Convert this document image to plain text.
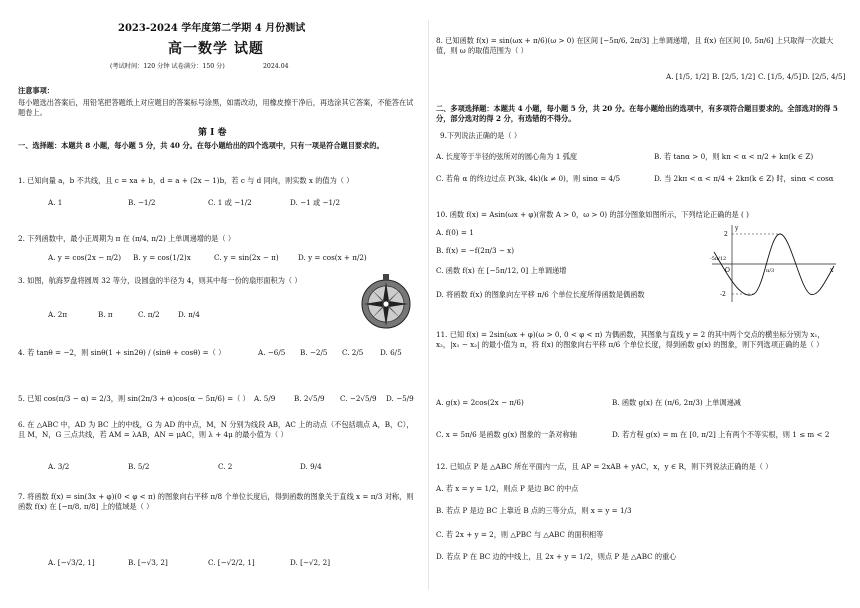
2023-2024 学年度第二学期 4 月份测试
高一数学 试题
(考试时间：120 分钟 试卷满分：150 分)	2024.04
注意事项：
每小题选出答案后，用铅笔把答题纸上对应题目的答案标号涂黑，如需改动，用橡皮擦干净后，再选涂其它答案，不能答在试题卷上。
第 I 卷
一、选择题：本题共 8 小题，每小题 5 分，共 40 分。在每小题给出的四个选项中，只有一项是符合题目要求的。
1. 已知向量 a，b 不共线，且 c = xa + b，d = a + (2x − 1)b，若 c 与 d 同向，则实数 x 的值为（ ）
A. 1	B. −1/2	C. 1 或 −1/2	D. −1 或 −1/2
2. 下列函数中，最小正周期为 π 在 (π/4, π/2) 上单调递增的是（ ）
A. y = cos(2x − π/2) B. y = cos(1/2)x	C. y = sin(2x − π)	D. y = cos(x + π/2)
3. 如图，航海罗盘将圆周 32 等分，设圆盘的半径为 4，则其中每一份的扇形面积为（ ）
A. 2π	B. π	C. π/2	D. π/4
4. 若 tanθ = −2，则 sinθ(1 + sin2θ) / (sinθ + cosθ) =（ ）	A. −6/5 B. −2/5 C. 2/5 D. 6/5
5. 已知 cos(π/3 − α) = 2/3，则 sin(2π/3 + α)cos(α − 5π/6) =（ ） A. 5/9	B. 2√5/9 C. −2√5/9 D. −5/9
6. 在 △ABC 中，AD 为 BC 上的中线，G 为 AD 的中点，M，N 分别为线段 AB，AC 上的动点（不包括端点 A，B，C），且 M，N，G 三点共线，若 AM = λAB，AN = μAC，则 λ + 4μ 的最小值为（ ）
A. 3/2	B. 5/2	C. 2	D. 9/4
7. 将函数 f(x) = sin(3x + φ)(0 < φ < π) 的图象向右平移 π/8 个单位长度后，得到函数的图象关于直线 x = π/3 对称，则函数 f(x) 在 [−π/8, π/8] 上的值域是（ ）
A. [−√3/2, 1]	B. [−√3, 2]	C. [−√2/2, 1]	D. [−√2, 2]
8. 已知函数 f(x) = sin(ωx + π/6)(ω > 0) 在区间 [−5π/6, 2π/3] 上单调递增，且 f(x) 在区间 [0, 5π/6] 上只取得一次最大值，则 ω 的取值范围为（ ）
A. [1/5, 1/2] B. [2/5, 1/2] C. [1/5, 4/5] D. [2/5, 4/5]
二、多项选择题：本题共 4 小题，每小题 5 分，共 20 分。在每小题给出的选项中，有多项符合题目要求的。全部选对的得 5 分，部分选对的得 2 分，有选错的不得分。
9.下列说法正确的是（ ）
A. 长度等于半径的弦所对的圆心角为 1 弧度	B. 若 tanα > 0，则 kπ < α < π/2 + kπ(k ∈ Z)
C. 若角 α 的终边过点 P(3k, 4k)(k ≠ 0)，则 sinα = 4/5	D. 当 2kπ < α < π/4 + 2kπ(k ∈ Z) 时，sinα < cosα
10. 函数 f(x) = Asin(ωx + φ)(常数 A > 0，ω > 0) 的部分图象如图所示，下列结论正确的是 ( )
A. f(0) = 1
B. f(x) = −f(2π/3 − x)
C. 函数 f(x) 在 [−5π/12, 0] 上单调递增
D. 将函数 f(x) 的图象向左平移 π/6 个单位长度所得函数是偶函数
2
-2
O	x
y
π/3
-5π/12
11. 已知 f(x) = 2sin(ωx + φ)(ω > 0, 0 < φ < π) 为偶函数，其图象与直线 y = 2 的其中两个交点的横坐标分别为 x₁，x₂，|x₁ − x₂| 的最小值为 π，将 f(x) 的图象向右平移 π/6 个单位长度，得到函数 g(x) 的图象，则下列选项正确的是（ ）
A. g(x) = 2cos(2x − π/6)	B. 函数 g(x) 在 (π/6, 2π/3) 上单调递减
C. x = 5π/6 是函数 g(x) 图象的一条对称轴	D. 若方程 g(x) = m 在 [0, π/2] 上有两个不等实根，则 1 ≤ m < 2
12. 已知点 P 是 △ABC 所在平面内一点，且 AP = 2xAB + yAC，x，y ∈ R，则下列说法正确的是（ ）
A. 若 x = y = 1/2，则点 P 是边 BC 的中点
B. 若点 P 是边 BC 上靠近 B 点的三等分点，则 x = y = 1/3
C. 若 2x + y = 2，则 △PBC 与 △ABC 的面积相等
D. 若点 P 在 BC 边的中线上，且 2x + y = 1/2，则点 P 是 △ABC 的重心
